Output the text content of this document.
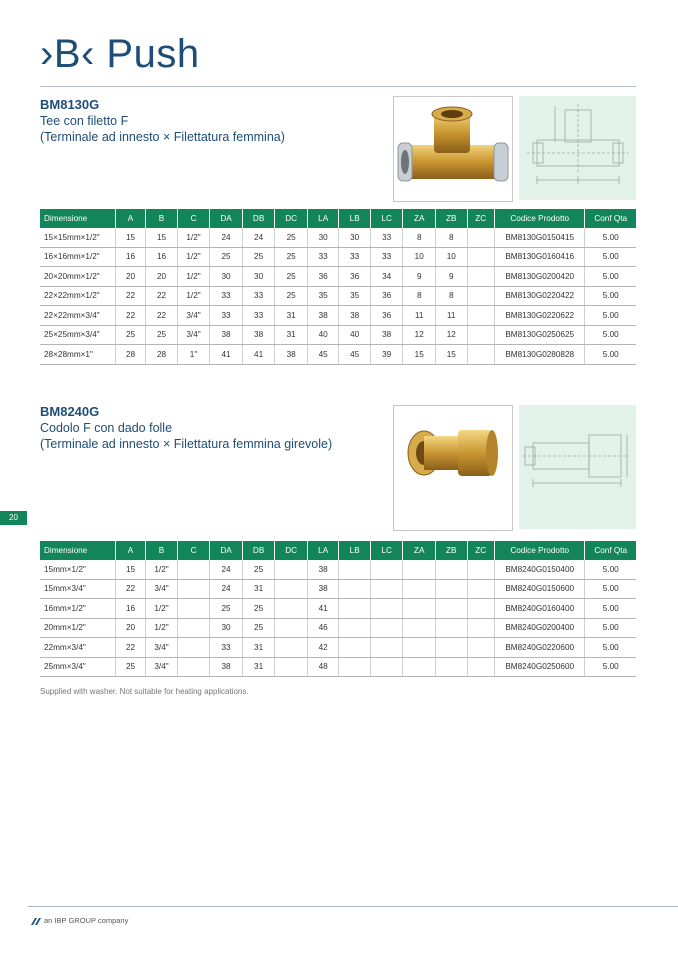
›B‹ Push
BM8130G
Tee con filetto F
(Terminale ad innesto × Filettatura femmina)
Dimensione	A	B	C	DA	DB	DC	LA	LB	LC	ZA	ZB	ZC	Codice Prodotto	Conf Qta
15×15mm×1/2"	15	15	1/2"	24	24	25	30	30	33	8	8		BM8130G0150415	5.00
16×16mm×1/2"	16	16	1/2"	25	25	25	33	33	33	10	10		BM8130G0160416	5.00
20×20mm×1/2"	20	20	1/2"	30	30	25	36	36	34	9	9		BM8130G0200420	5.00
22×22mm×1/2"	22	22	1/2"	33	33	25	35	35	36	8	8		BM8130G0220422	5.00
22×22mm×3/4"	22	22	3/4"	33	33	31	38	38	36	11	11		BM8130G0220622	5.00
25×25mm×3/4"	25	25	3/4"	38	38	31	40	40	38	12	12		BM8130G0250625	5.00
28×28mm×1"	28	28	1"	41	41	38	45	45	39	15	15		BM8130G0280828	5.00
BM8240G
Codolo F con dado folle
(Terminale ad innesto × Filettatura femmina girevole)
20
Dimensione	A	B	C	DA	DB	DC	LA	LB	LC	ZA	ZB	ZC	Codice Prodotto	Conf Qta
15mm×1/2"	15	1/2"		24	25		38						BM8240G0150400	5.00
15mm×3/4"	22	3/4"		24	31		38						BM8240G0150600	5.00
16mm×1/2"	16	1/2"		25	25		41						BM8240G0160400	5.00
20mm×1/2"	20	1/2"		30	25		46						BM8240G0200400	5.00
22mm×3/4"	22	3/4"		33	31		42						BM8240G0220600	5.00
25mm×3/4"	25	3/4"		38	31		48						BM8240G0250600	5.00
Supplied with washer. Not suitable for heating applications.
an IBP GROUP company
